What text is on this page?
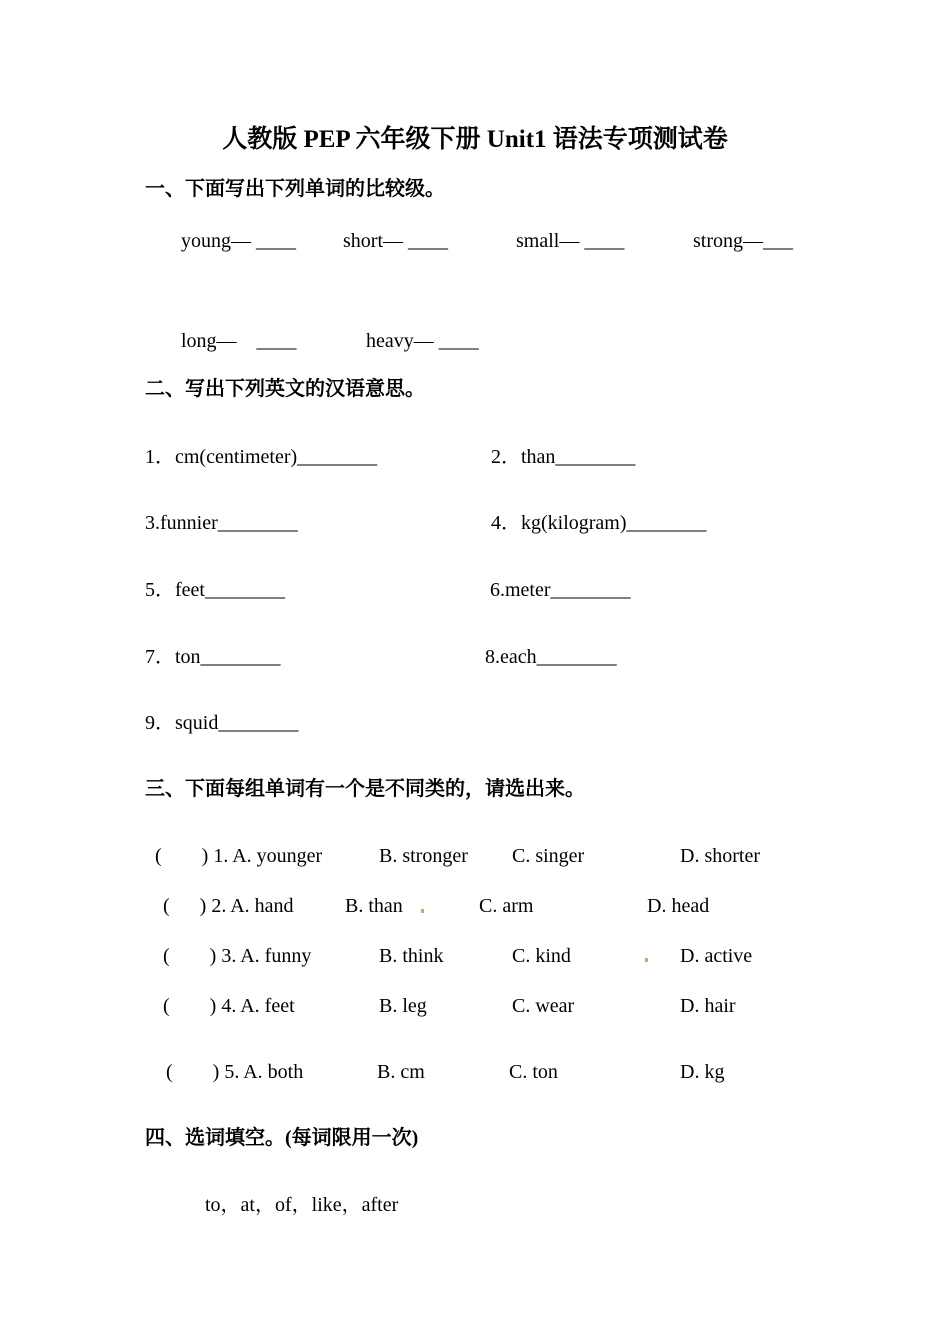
人教版 PEP 六年级下册 Unit1 语法专项测试卷
一、下面写出下列单词的比较级。
young— ____ short— ____	small— ____	strong—___
long—    ____	heavy— ____
二、写出下列英文的汉语意思。
1．cm(centimeter)________	2．than________
3.funnier________	4．kg(kilogram)________
5．feet________	6.meter________
7．ton________	8.each________
9．squid________
三、下面每组单词有一个是不同类的，请选出来。
(        ) 1. A. younger	B. stronger C. singer	D. shorter
(      ) 2. A. hand	B. than	C. arm	D. head
(        ) 3. A. funny	B. think	C. kind	D. active
(        ) 4. A. feet	B. leg	C. wear	D. hair
(        ) 5. A. both	B. cm	C. ton	D. kg
四、选词填空。(每词限用一次)
to，at，of，like，after
